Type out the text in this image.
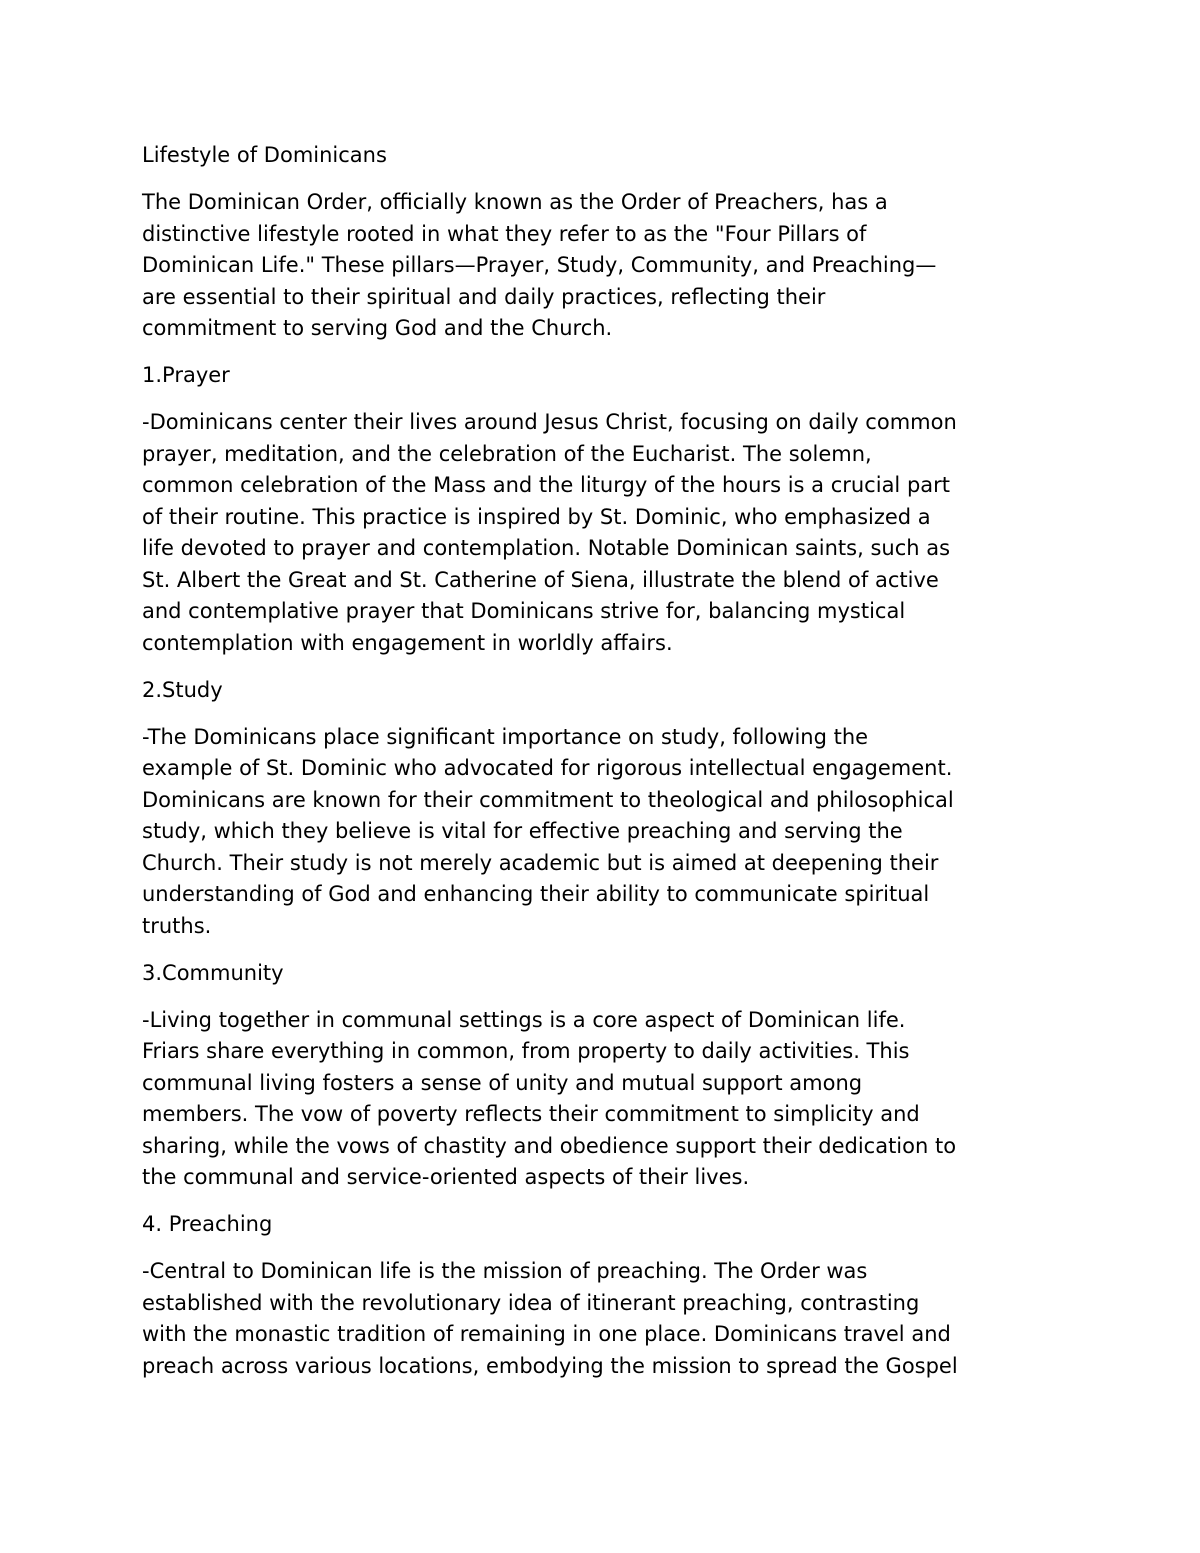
Lifestyle of Dominicans

The Dominican Order, officially known as the Order of Preachers, has a
distinctive lifestyle rooted in what they refer to as the "Four Pillars of
Dominican Life." These pillars—Prayer, Study, Community, and Preaching—
are essential to their spiritual and daily practices, reflecting their
commitment to serving God and the Church.

1.Prayer

-Dominicans center their lives around Jesus Christ, focusing on daily common
prayer, meditation, and the celebration of the Eucharist. The solemn,
common celebration of the Mass and the liturgy of the hours is a crucial part
of their routine. This practice is inspired by St. Dominic, who emphasized a
life devoted to prayer and contemplation. Notable Dominican saints, such as
St. Albert the Great and St. Catherine of Siena, illustrate the blend of active
and contemplative prayer that Dominicans strive for, balancing mystical
contemplation with engagement in worldly affairs.

2.Study

-The Dominicans place significant importance on study, following the
example of St. Dominic who advocated for rigorous intellectual engagement.
Dominicans are known for their commitment to theological and philosophical
study, which they believe is vital for effective preaching and serving the
Church. Their study is not merely academic but is aimed at deepening their
understanding of God and enhancing their ability to communicate spiritual
truths.

3.Community

-Living together in communal settings is a core aspect of Dominican life.
Friars share everything in common, from property to daily activities. This
communal living fosters a sense of unity and mutual support among
members. The vow of poverty reflects their commitment to simplicity and
sharing, while the vows of chastity and obedience support their dedication to
the communal and service-oriented aspects of their lives.

4. Preaching

-Central to Dominican life is the mission of preaching. The Order was
established with the revolutionary idea of itinerant preaching, contrasting
with the monastic tradition of remaining in one place. Dominicans travel and
preach across various locations, embodying the mission to spread the Gospel
